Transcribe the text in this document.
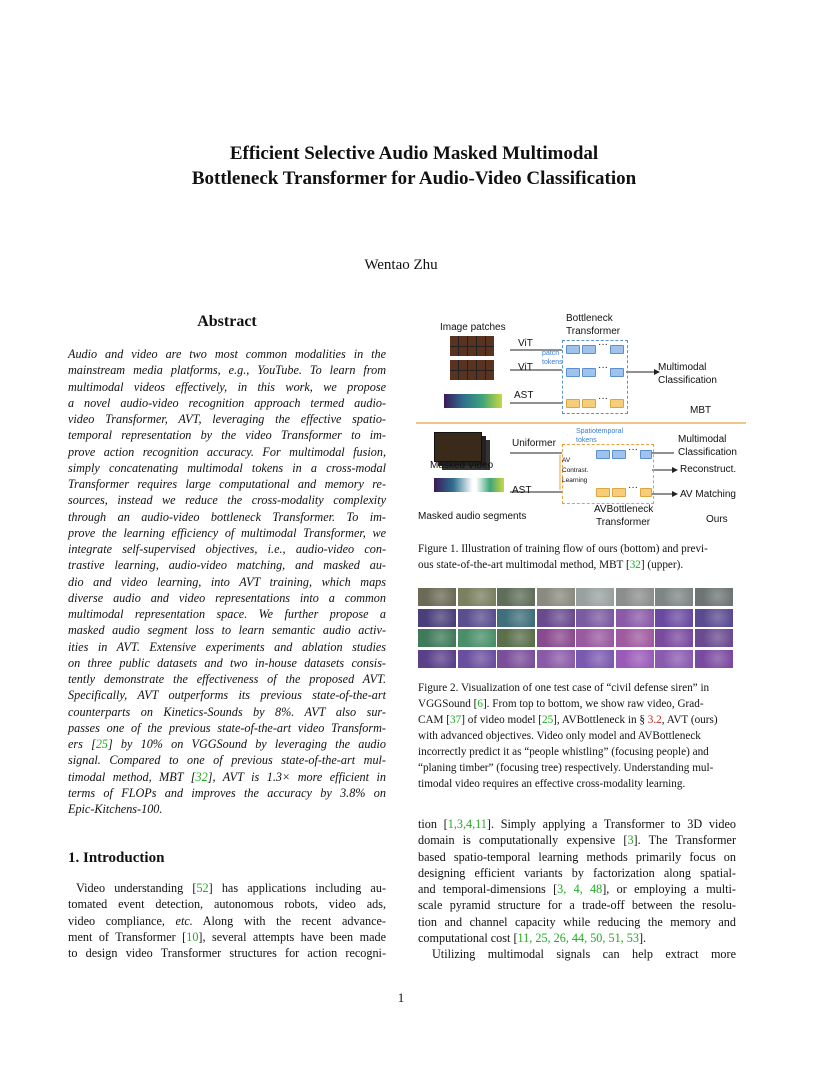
Efficient Selective Audio Masked Multimodal
Bottleneck Transformer for Audio-Video Classification
Wentao Zhu
Abstract
Audio and video are two most common modalities in the
mainstream media platforms, e.g., YouTube. To learn from
multimodal videos effectively, in this work, we propose
a novel audio-video recognition approach termed audio-
video Transformer, AVT, leveraging the effective spatio-
temporal representation by the video Transformer to im-
prove action recognition accuracy. For multimodal fusion,
simply concatenating multimodal tokens in a cross-modal
Transformer requires large computational and memory re-
sources, instead we reduce the cross-modality complexity
through an audio-video bottleneck Transformer. To im-
prove the learning efficiency of multimodal Transformer, we
integrate self-supervised objectives, i.e., audio-video con-
trastive learning, audio-video matching, and masked au-
dio and video learning, into AVT training, which maps
diverse audio and video representations into a common
multimodal representation space. We further propose a
masked audio segment loss to learn semantic audio activ-
ities in AVT. Extensive experiments and ablation studies
on three public datasets and two in-house datasets consis-
tently demonstrate the effectiveness of the proposed AVT.
Specifically, AVT outperforms its previous state-of-the-art
counterparts on Kinetics-Sounds by 8%. AVT also sur-
passes one of the previous state-of-the-art video Transform-
ers [25] by 10% on VGGSound by leveraging the audio
signal. Compared to one of previous state-of-the-art mul-
timodal method, MBT [32], AVT is 1.3× more efficient in
terms of FLOPs and improves the accuracy by 3.8% on
Epic-Kitchens-100.
1. Introduction
Video understanding [52] has applications including au-
tomated event detection, autonomous robots, video ads,
video compliance, etc. Along with the recent advance-
ment of Transformer [10], several attempts have been made
to design video Transformer structures for action recogni-
Image patches
Bottleneck
Transformer
ViT
ViT
patch
tokens
AST
···
···
···
Multimodal
Classification
MBT
Masked Video
Uniformer
Spatiotemporal
tokens
AST
Masked audio segments
AV
Contrast.
Learning
···
···
AVBottleneck
Transformer
Multimodal
Classification
Reconstruct.
AV Matching
Ours
Figure 1. Illustration of training flow of ours (bottom) and previ-
ous state-of-the-art multimodal method, MBT [32] (upper).
Figure 2. Visualization of one test case of “civil defense siren” in
VGGSound [6]. From top to bottom, we show raw video, Grad-
CAM [37] of video model [25], AVBottleneck in § 3.2, AVT (ours)
with advanced objectives. Video only model and AVBottleneck
incorrectly predict it as “people whistling” (focusing people) and
“planing timber” (focusing tree) respectively. Understanding mul-
timodal video requires an effective cross-modality learning.
tion [1,3,4,11]. Simply applying a Transformer to 3D video
domain is computationally expensive [3]. The Transformer
based spatio-temporal learning methods primarily focus on
designing efficient variants by factorization along spatial-
and temporal-dimensions [3, 4, 48], or employing a multi-
scale pyramid structure for a trade-off between the resolu-
tion and channel capacity while reducing the memory and
computational cost [11, 25, 26, 44, 50, 51, 53].
Utilizing multimodal signals can help extract more
1
